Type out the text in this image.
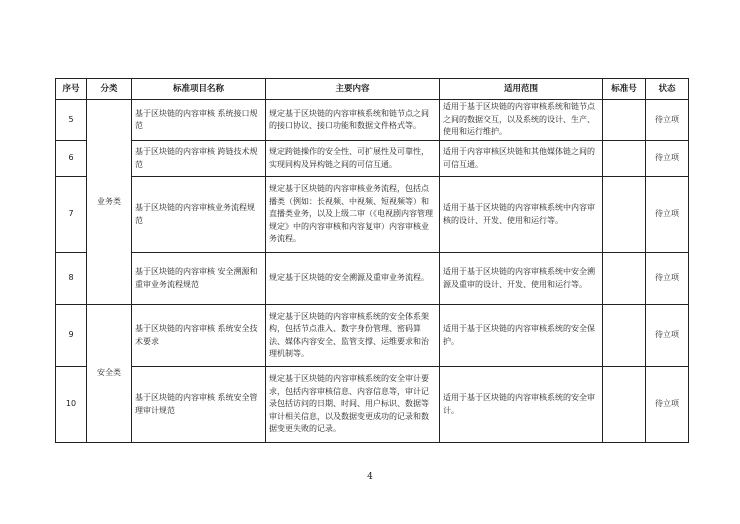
序号	分类	标准项目名称	主要内容	适用范围	标准号	状态
5	业务类	基于区块链的内容审核 系统接口规范	规定基于区块链的内容审核系统和链节点之间的接口协议、接口功能和数据文件格式等。	适用于基于区块链的内容审核系统和链节点之间的数据交互，以及系统的设计、生产、使用和运行维护。		待立项
6		基于区块链的内容审核 跨链技术规范	规定跨链操作的安全性、可扩展性及可靠性，实现同构及异构链之间的可信互通。	适用于内容审核区块链和其他媒体链之间的可信互通。		待立项
7		基于区块链的内容审核业务流程规范	规定基于区块链的内容审核业务流程，包括点播类（例如：长视频、中视频、短视频等）和直播类业务，以及上级二审（《电视剧内容管理规定》中的内容审核和内容复审）内容审核业务流程。	适用于基于区块链的内容审核系统中内容审核的设计、开发、使用和运行等。		待立项
8		基于区块链的内容审核 安全溯源和重审业务流程规范	规定基于区块链的安全溯源及重审业务流程。	适用于基于区块链的内容审核系统中安全溯源及重审的设计、开发、使用和运行等。		待立项
9	安全类	基于区块链的内容审核 系统安全技术要求	规定基于区块链的内容审核系统的安全体系架构，包括节点准入、数字身份管理、密码算法、媒体内容安全、监管支撑、运维要求和治理机制等。	适用于基于区块链的内容审核系统的安全保护。		待立项
10		基于区块链的内容审核 系统安全管理审计规范	规定基于区块链的内容审核系统的安全审计要求，包括内容审核信息、内容信息等，审计记录包括访问的日期、时间、用户标识、数据等审计相关信息，以及数据变更成功的记录和数据变更失败的记录。	适用于基于区块链的内容审核系统的安全审计。		待立项
4
